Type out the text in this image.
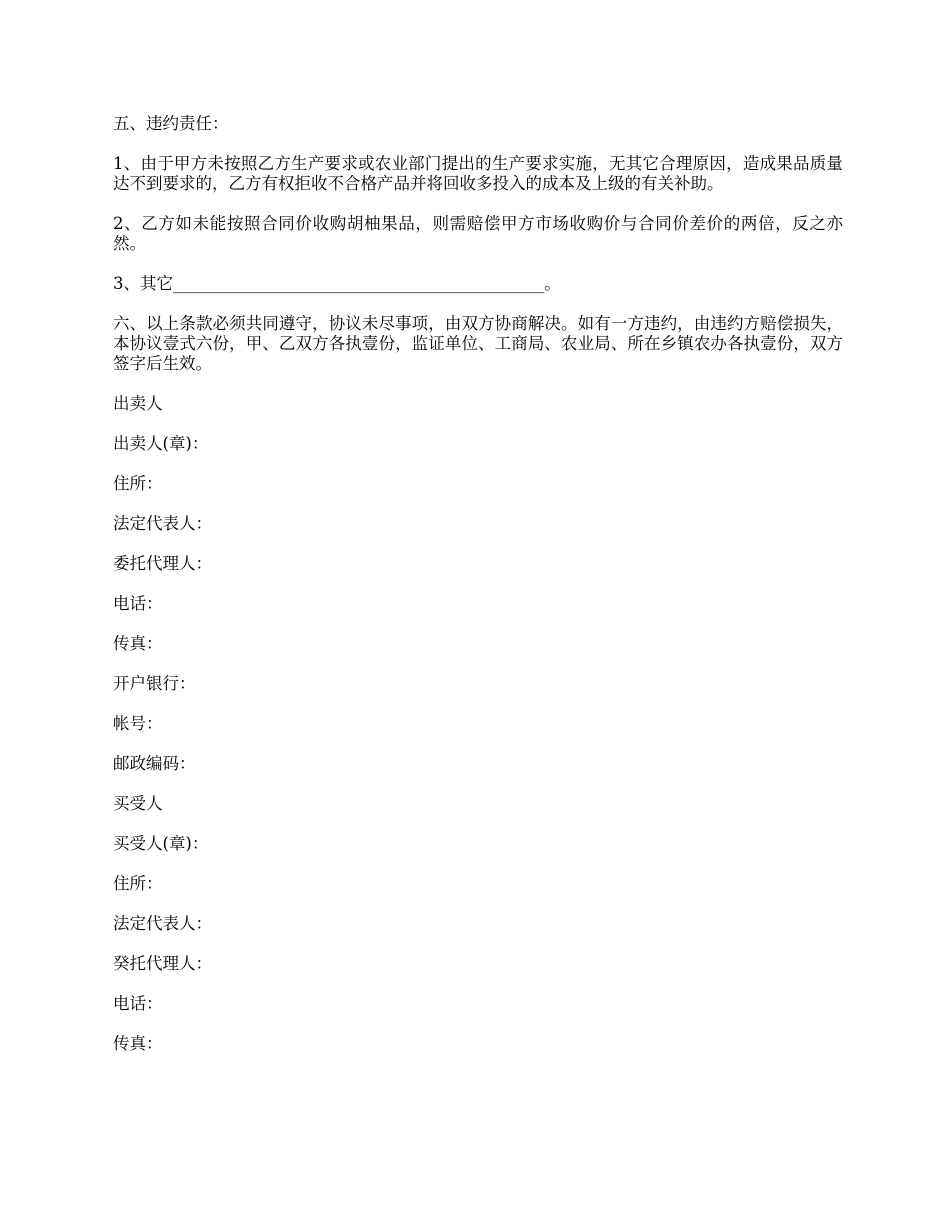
五、违约责任：

1、由于甲方未按照乙方生产要求或农业部门提出的生产要求实施，无其它合理原因，造成果品质量达不到要求的，乙方有权拒收不合格产品并将回收多投入的成本及上级的有关补助。

2、乙方如未能按照合同价收购胡柚果品，则需赔偿甲方市场收购价与合同价差价的两倍，反之亦然。

3、其它_____________________________________________。

六、以上条款必须共同遵守，协议未尽事项，由双方协商解决。如有一方违约，由违约方赔偿损失，本协议壹式六份，甲、乙双方各执壹份，监证单位、工商局、农业局、所在乡镇农办各执壹份，双方签字后生效。

出卖人

出卖人(章)：

住所：

法定代表人：

委托代理人：

电话：

传真：

开户银行：

帐号：

邮政编码：

买受人

买受人(章)：

住所：

法定代表人：

癸托代理人：

电话：

传真：
